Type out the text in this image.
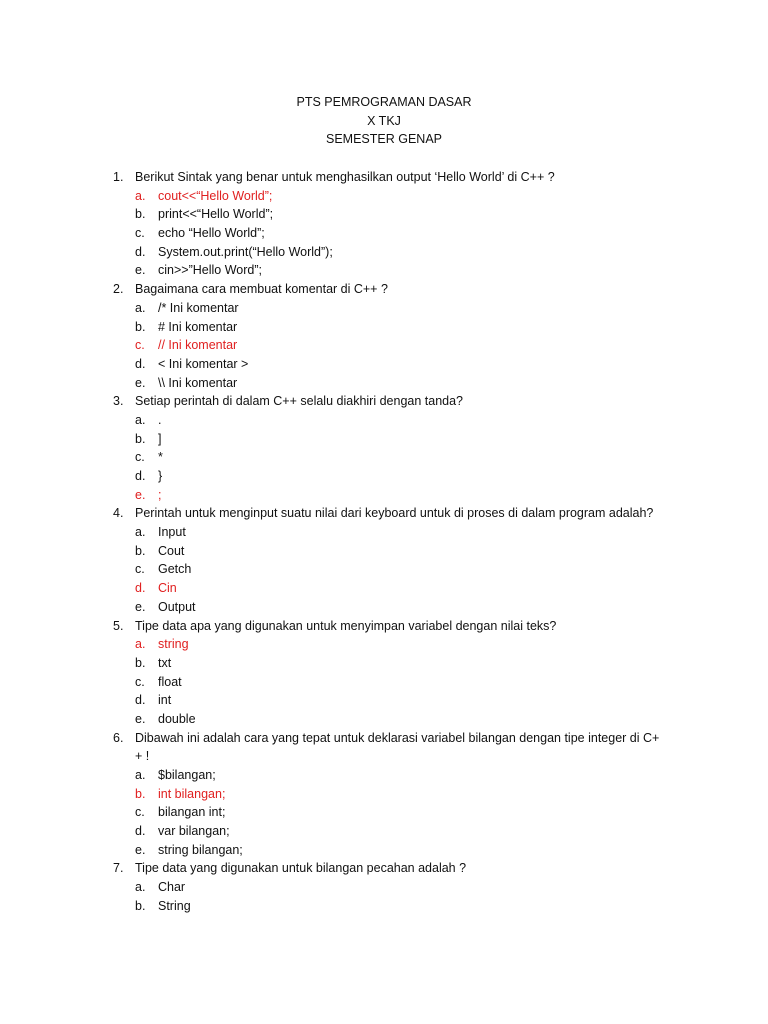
PTS PEMROGRAMAN DASAR
X TKJ
SEMESTER GENAP
1. Berikut Sintak yang benar untuk menghasilkan output ‘Hello World’ di C++ ?
a. cout<<“Hello World”;
b. print<<“Hello World”;
c. echo “Hello World”;
d. System.out.print(“Hello World”);
e. cin>>”Hello Word”;
2. Bagaimana cara membuat komentar di C++ ?
a. /* Ini komentar
b. # Ini komentar
c. // Ini komentar
d. < Ini komentar >
e. \\ Ini komentar
3. Setiap perintah di dalam C++ selalu diakhiri dengan tanda?
a. .
b. ]
c. *
d. }
e. ;
4. Perintah untuk menginput suatu nilai dari keyboard untuk di proses di dalam program adalah?
a. Input
b. Cout
c. Getch
d. Cin
e. Output
5. Tipe data apa yang digunakan untuk menyimpan variabel dengan nilai teks?
a. string
b. txt
c. float
d. int
e. double
6. Dibawah ini adalah cara yang tepat untuk deklarasi variabel bilangan dengan tipe integer di C+
+ !
a. $bilangan;
b. int bilangan;
c. bilangan int;
d. var bilangan;
e. string bilangan;
7. Tipe data yang digunakan untuk bilangan pecahan adalah ?
a. Char
b. String
